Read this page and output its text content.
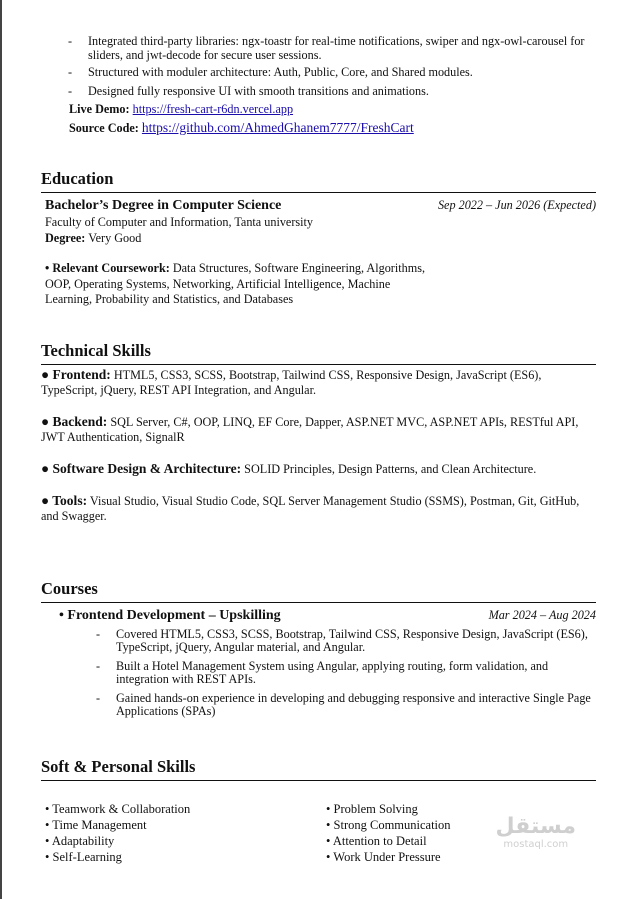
-	Integrated third-party libraries: ngx-toastr for real-time notifications, swiper and ngx-owl-carousel for sliders, and jwt-decode for secure user sessions.
-	Structured with moduler architecture: Auth, Public, Core, and Shared modules.
-	Designed fully responsive UI with smooth transitions and animations.
Live Demo: https://fresh-cart-r6dn.vercel.app
Source Code: https://github.com/AhmedGhanem7777/FreshCart
Education
Bachelor’s Degree in Computer Science	Sep 2022 – Jun 2026 (Expected)
Faculty of Computer and Information, Tanta university
Degree: Very Good
• Relevant Coursework: Data Structures, Software Engineering, Algorithms, OOP, Operating Systems, Networking, Artificial Intelligence, Machine Learning, Probability and Statistics, and Databases
Technical Skills
● Frontend: HTML5, CSS3, SCSS, Bootstrap, Tailwind CSS, Responsive Design, JavaScript (ES6), TypeScript, jQuery, REST API Integration, and Angular.
● Backend: SQL Server, C#, OOP, LINQ, EF Core, Dapper, ASP.NET MVC, ASP.NET APIs, RESTful API, JWT Authentication, SignalR
● Software Design & Architecture: SOLID Principles, Design Patterns, and Clean Architecture.
● Tools: Visual Studio, Visual Studio Code, SQL Server Management Studio (SSMS), Postman, Git, GitHub, and Swagger.
Courses
• Frontend Development – Upskilling	Mar 2024 – Aug 2024
-	Covered HTML5, CSS3, SCSS, Bootstrap, Tailwind CSS, Responsive Design, JavaScript (ES6), TypeScript, jQuery, Angular material, and Angular.
-	Built a Hotel Management System using Angular, applying routing, form validation, and integration with REST APIs.
-	Gained hands-on experience in developing and debugging responsive and interactive Single Page Applications (SPAs)
Soft & Personal Skills
• Teamwork & Collaboration
• Time Management
• Adaptability
• Self-Learning
• Problem Solving
• Strong Communication
• Attention to Detail
• Work Under Pressure
مستقل
mostaql.com
